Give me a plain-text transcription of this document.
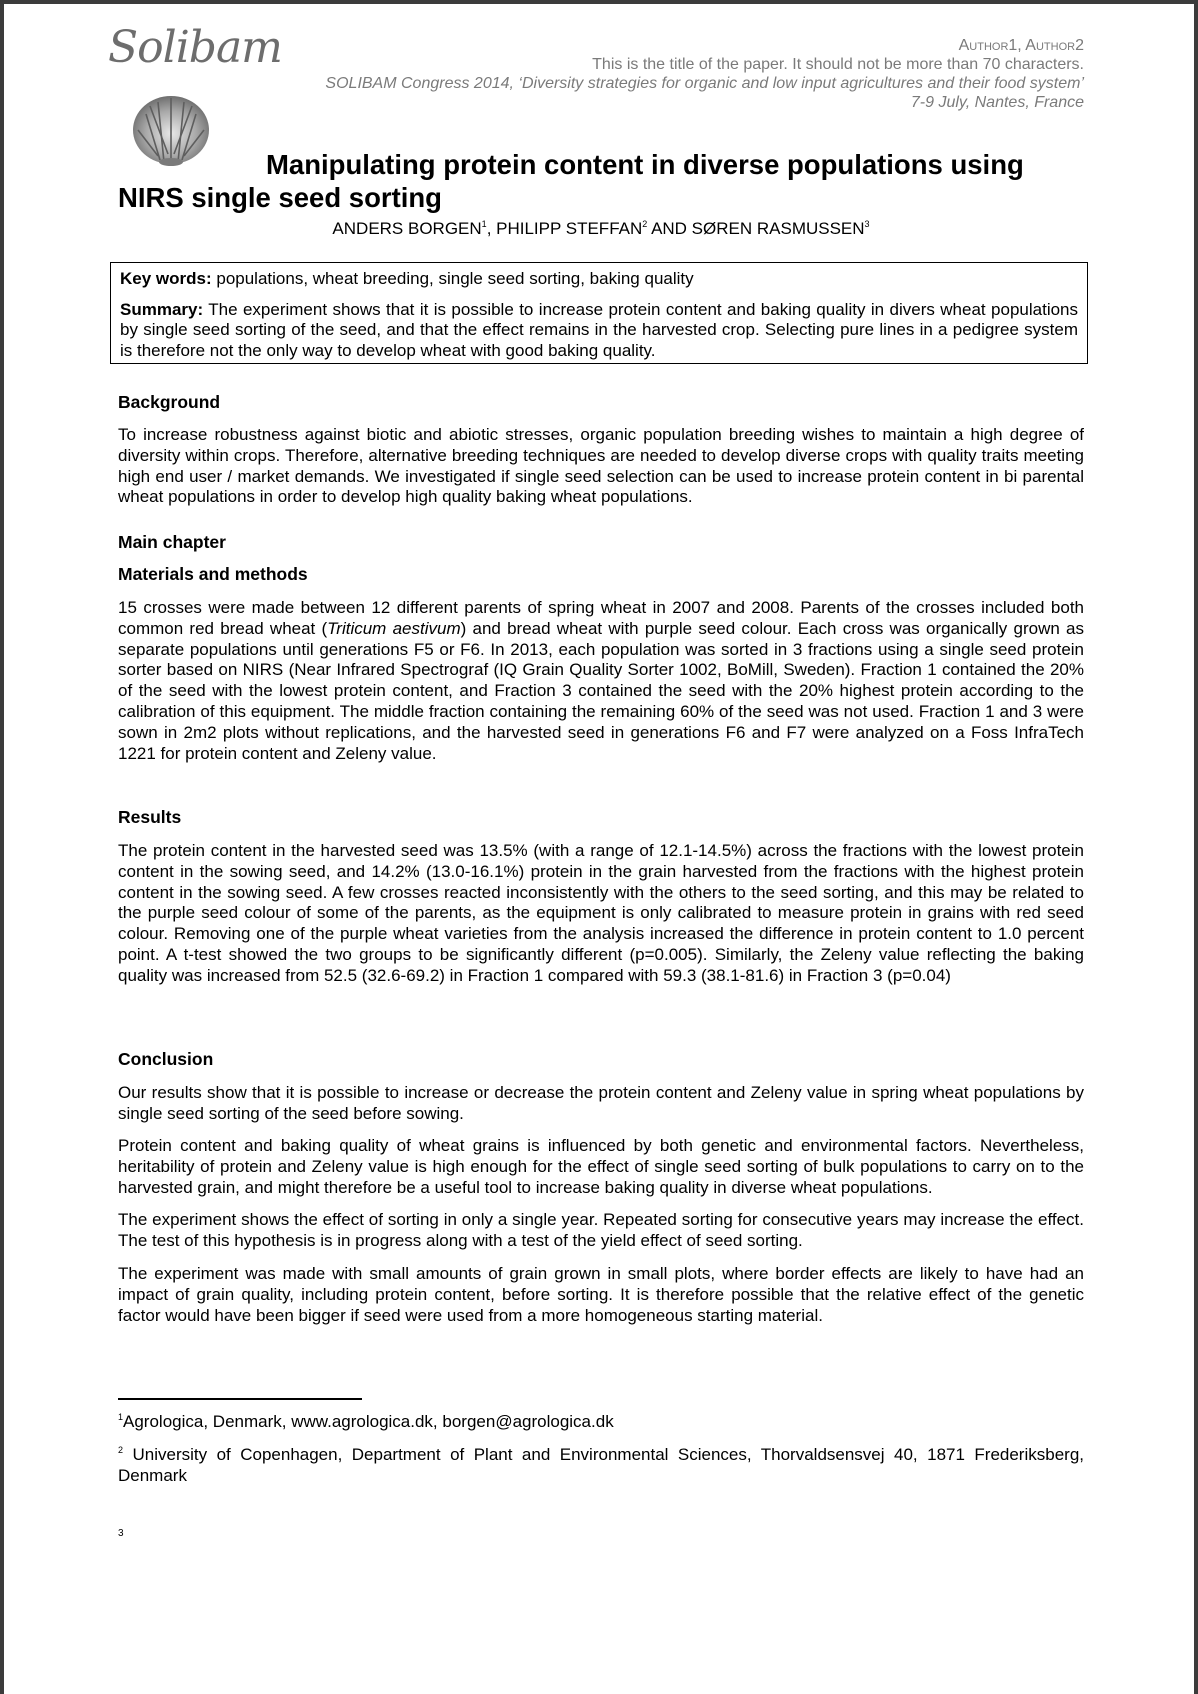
Solibam	Author1, Author2
This is the title of the paper. It should not be more than 70 characters.
SOLIBAM Congress 2014, ‘Diversity strategies for organic and low input agricultures and their food system’
7-9 July, Nantes, France
Manipulating protein content in diverse populations using NIRS single seed sorting
ANDERS BORGEN$^1$, PHILIPP STEFFAN$^2$ AND SØREN RASMUSSEN$^3$

Key words: populations, wheat breeding, single seed sorting, baking quality

Summary: The experiment shows that it is possible to increase protein content and baking quality in divers wheat populations by single seed sorting of the seed, and that the effect remains in the harvested crop. Selecting pure lines in a pedigree system is therefore not the only way to develop wheat with good baking quality.

Background

To increase robustness against biotic and abiotic stresses, organic population breeding wishes to maintain a high degree of diversity within crops. Therefore, alternative breeding techniques are needed to develop diverse crops with quality traits meeting high end user / market demands. We investigated if single seed selection can be used to increase protein content in bi parental wheat populations in order to develop high quality baking wheat populations.

Main chapter
Materials and methods

15 crosses were made between 12 different parents of spring wheat in 2007 and 2008. Parents of the crosses included both common red bread wheat (Triticum aestivum) and bread wheat with purple seed colour. Each cross was organically grown as separate populations until generations F5 or F6. In 2013, each population was sorted in 3 fractions using a single seed protein sorter based on NIRS (Near Infrared Spectrograf (IQ Grain Quality Sorter 1002, BoMill, Sweden). Fraction 1 contained the 20% of the seed with the lowest protein content, and Fraction 3 contained the seed with the 20% highest protein according to the calibration of this equipment. The middle fraction containing the remaining 60% of the seed was not used. Fraction 1 and 3 were sown in 2m2 plots without replications, and the harvested seed in generations F6 and F7 were analyzed on a Foss InfraTech 1221 for protein content and Zeleny value.

Results

The protein content in the harvested seed was 13.5% (with a range of 12.1-14.5%) across the fractions with the lowest protein content in the sowing seed, and 14.2% (13.0-16.1%) protein in the grain harvested from the fractions with the highest protein content in the sowing seed. A few crosses reacted inconsistently with the others to the seed sorting, and this may be related to the purple seed colour of some of the parents, as the equipment is only calibrated to measure protein in grains with red seed colour. Removing one of the purple wheat varieties from the analysis increased the difference in protein content to 1.0 percent point. A t-test showed the two groups to be significantly different (p=0.005). Similarly, the Zeleny value reflecting the baking quality was increased from 52.5 (32.6-69.2) in Fraction 1 compared with 59.3 (38.1-81.6) in Fraction 3 (p=0.04)

Conclusion

Our results show that it is possible to increase or decrease the protein content and Zeleny value in spring wheat populations by single seed sorting of the seed before sowing.

Protein content and baking quality of wheat grains is influenced by both genetic and environmental factors. Nevertheless, heritability of protein and Zeleny value is high enough for the effect of single seed sorting of bulk populations to carry on to the harvested grain, and might therefore be a useful tool to increase baking quality in diverse wheat populations.

The experiment shows the effect of sorting in only a single year. Repeated sorting for consecutive years may increase the effect. The test of this hypothesis is in progress along with a test of the yield effect of seed sorting.

The experiment was made with small amounts of grain grown in small plots, where border effects are likely to have had an impact of grain quality, including protein content, before sorting. It is therefore possible that the relative effect of the genetic factor would have been bigger if seed were used from a more homogeneous starting material.

$^1$Agrologica, Denmark, www.agrologica.dk, borgen@agrologica.dk
$^2$ University of Copenhagen, Department of Plant and Environmental Sciences, Thorvaldsensvej 40, 1871 Frederiksberg, Denmark
3
